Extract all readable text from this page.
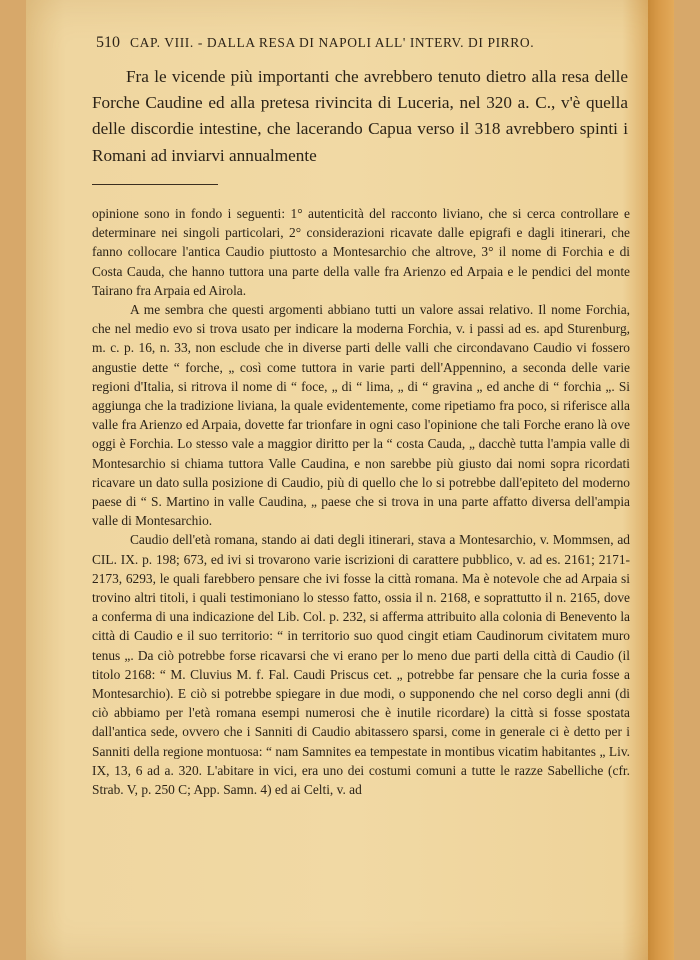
510 CAP. VIII. - DALLA RESA DI NAPOLI ALL' INTERV. DI PIRRO.

Fra le vicende più importanti che avrebbero tenuto dietro alla resa delle Forche Caudine ed alla pretesa rivincita di Luceria, nel 320 a. C., v'è quella delle discordie intestine, che lacerando Capua verso il 318 avrebbero spinti i Romani ad inviarvi annualmente

opinione sono in fondo i seguenti: 1° autenticità del racconto liviano, che si cerca controllare e determinare nei singoli particolari, 2° considerazioni ricavate dalle epigrafi e dagli itinerari, che fanno collocare l'antica Caudio piuttosto a Montesarchio che altrove, 3° il nome di Forchia e di Costa Cauda, che hanno tuttora una parte della valle fra Arienzo ed Arpaia e le pendici del monte Tairano fra Arpaia ed Airola.

A me sembra che questi argomenti abbiano tutti un valore assai relativo. Il nome Forchia, che nel medio evo si trova usato per indicare la moderna Forchia, v. i passi ad es. apd Sturenburg, m. c. p. 16, n. 33, non esclude che in diverse parti delle valli che circondavano Caudio vi fossero angustie dette “ forche, „ così come tuttora in varie parti dell'Appennino, a seconda delle varie regioni d'Italia, si ritrova il nome di “ foce, „ di “ lima, „ di “ gravina „ ed anche di “ forchia „. Si aggiunga che la tradizione liviana, la quale evidentemente, come ripetiamo fra poco, si riferisce alla valle fra Arienzo ed Arpaia, dovette far trionfare in ogni caso l'opinione che tali Forche erano là ove oggi è Forchia. Lo stesso vale a maggior diritto per la “ costa Cauda, „ dacchè tutta l'ampia valle di Montesarchio si chiama tuttora Valle Caudina, e non sarebbe più giusto dai nomi sopra ricordati ricavare un dato sulla posizione di Caudio, più di quello che lo si potrebbe dall'epiteto del moderno paese di “ S. Martino in valle Caudina, „ paese che si trova in una parte affatto diversa dell'ampia valle di Montesarchio.

Caudio dell'età romana, stando ai dati degli itinerari, stava a Montesarchio, v. Mommsen, ad CIL. IX. p. 198; 673, ed ivi si trovarono varie iscrizioni di carattere pubblico, v. ad es. 2161; 2171-2173, 6293, le quali farebbero pensare che ivi fosse la città romana. Ma è notevole che ad Arpaia si trovino altri titoli, i quali testimoniano lo stesso fatto, ossia il n. 2168, e soprattutto il n. 2165, dove a conferma di una indicazione del Lib. Col. p. 232, si afferma attribuito alla colonia di Benevento la città di Caudio e il suo territorio: “ in territorio suo quod cingit etiam Caudinorum civitatem muro tenus „. Da ciò potrebbe forse ricavarsi che vi erano per lo meno due parti della città di Caudio (il titolo 2168: “ M. Cluvius M. f. Fal. Caudi Priscus cet. „ potrebbe far pensare che la curia fosse a Montesarchio). E ciò si potrebbe spiegare in due modi, o supponendo che nel corso degli anni (di ciò abbiamo per l'età romana esempi numerosi che è inutile ricordare) la città si fosse spostata dall'antica sede, ovvero che i Sanniti di Caudio abitassero sparsi, come in generale ci è detto per i Sanniti della regione montuosa: “ nam Samnites ea tempestate in montibus vicatim habitantes „ Liv. IX, 13, 6 ad a. 320. L'abitare in vici, era uno dei costumi comuni a tutte le razze Sabelliche (cfr. Strab. V, p. 250 C; App. Samn. 4) ed ai Celti, v. ad
